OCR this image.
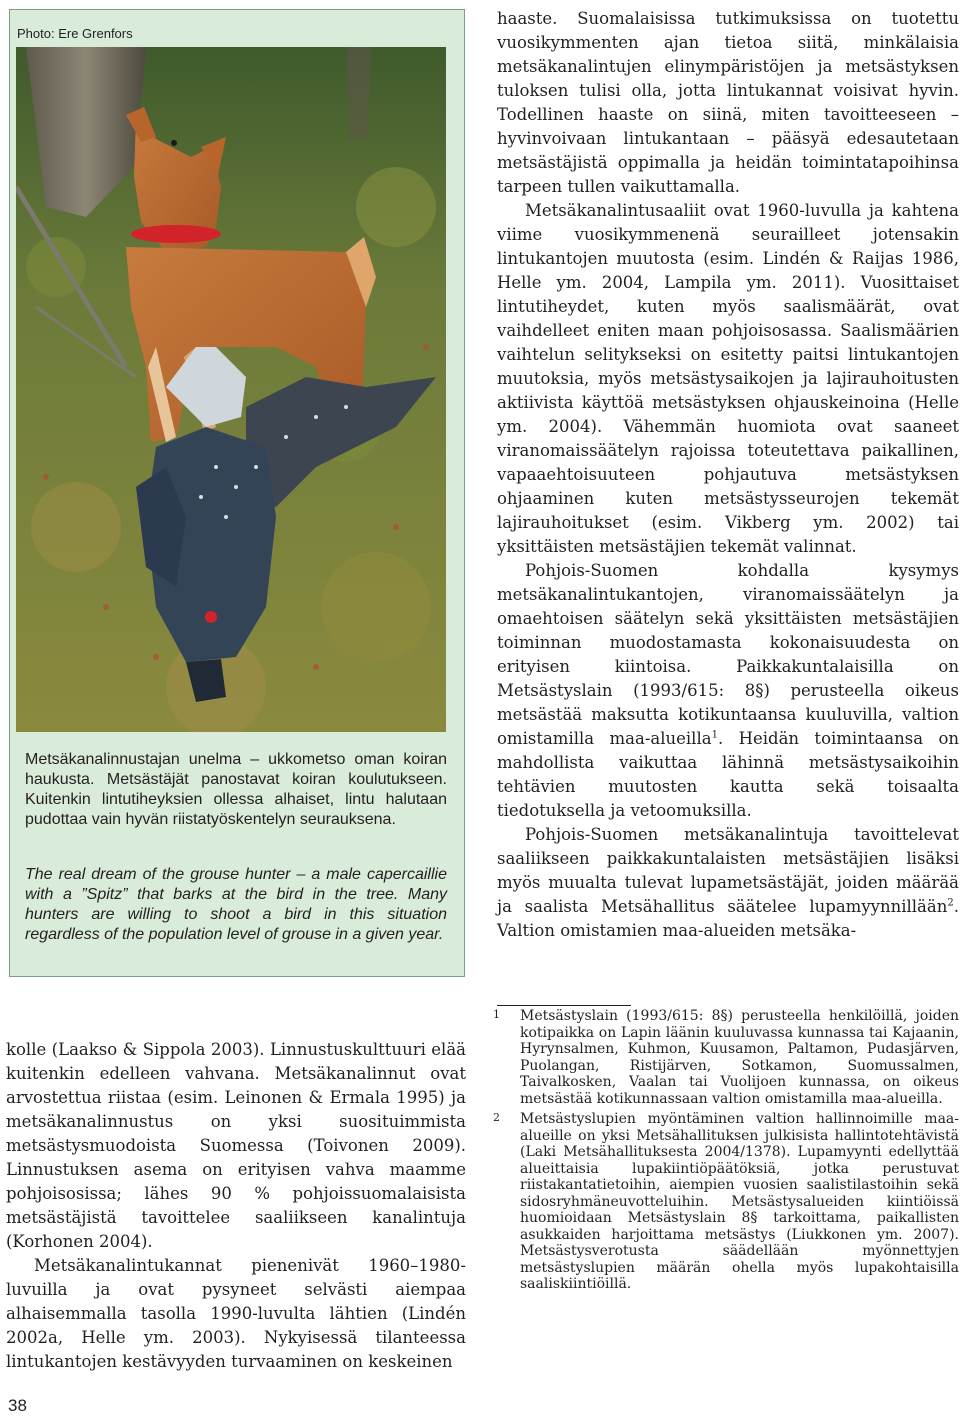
Photo: Ere Grenfors

Metsäkanalinnustajan unelma – ukkometso oman koiran haukusta. Metsästäjät panostavat koiran koulutukseen. Kuitenkin lintutiheyksien ollessa alhaiset, lintu halutaan pudottaa vain hyvän riistatyöskentelyn seurauksena.

The real dream of the grouse hunter – a male capercaillie with a ”Spitz” that barks at the bird in the tree. Many hunters are willing to shoot a bird in this situation regardless of the population level of grouse in a given year.

haaste. Suomalaisissa tutkimuksissa on tuotettu vuosikymmenten ajan tietoa siitä, minkälaisia metsäkanalintujen elinympäristöjen ja metsästyksen tuloksen tulisi olla, jotta lintukannat voisivat hyvin. Todellinen haaste on siinä, miten tavoitteeseen – hyvinvoivaan lintukantaan – pääsyä edesautetaan metsästäjistä oppimalla ja heidän toimintatapoihinsa tarpeen tullen vaikuttamalla.

Metsäkanalintusaaliit ovat 1960-luvulla ja kahtena viime vuosikymmenenä seurailleet jotensakin lintukantojen muutosta (esim. Lindén & Raijas 1986, Helle ym. 2004, Lampila ym. 2011). Vuosittaiset lintutiheydet, kuten myös saalismäärät, ovat vaihdelleet eniten maan pohjoisosassa. Saalismäärien vaihtelun selitykseksi on esitetty paitsi lintukantojen muutoksia, myös metsästysaikojen ja lajirauhoitusten aktiivista käyttöä metsästyksen ohjauskeinoina (Helle ym. 2004). Vähemmän huomiota ovat saaneet viranomaissäätelyn rajoissa toteutettava paikallinen, vapaaehtoisuuteen pohjautuva metsästyksen ohjaaminen kuten metsästysseurojen tekemät lajirauhoitukset (esim. Vikberg ym. 2002) tai yksittäisten metsästäjien tekemät valinnat.

Pohjois-Suomen kohdalla kysymys metsäkanalintukantojen, viranomaissäätelyn ja omaehtoisen säätelyn sekä yksittäisten metsästäjien toiminnan muodostamasta kokonaisuudesta on erityisen kiintoisa. Paikkakuntalaisilla on Metsästyslain (1993/615: 8§) perusteella oikeus metsästää maksutta kotikuntaansa kuuluvilla, valtion omistamilla maa-alueilla$^1$. Heidän toimintaansa on mahdollista vaikuttaa lähinnä metsästysaikoihin tehtävien muutosten kautta sekä toisaalta tiedotuksella ja vetoomuksilla.

Pohjois-Suomen metsäkanalintuja tavoittelevat saaliikseen paikkakuntalaisten metsästäjien lisäksi myös muualta tulevat lupametsästäjät, joiden määrää ja saalista Metsähallitus säätelee lupamyynnillään$^2$. Valtion omistamien maa-alueiden metsäka-

1	Metsästyslain (1993/615: 8§) perusteella henkilöillä, joiden kotipaikka on Lapin läänin kuuluvassa kunnassa tai Kajaanin, Hyrynsalmen, Kuhmon, Kuusamon, Paltamon, Pudasjärven, Puolangan, Ristijärven, Sotkamon, Suomussalmen, Taivalkosken, Vaalan tai Vuolijoen kunnassa, on oikeus metsästää kotikunnassaan valtion omistamilla maa-alueilla.
2	Metsästyslupien myöntäminen valtion hallinnoimille maa-alueille on yksi Metsähallituksen julkisista hallintotehtävistä (Laki Metsähallituksesta 2004/1378). Lupamyynti edellyttää alueittaisia lupakiintiöpäätöksiä, jotka perustuvat riistakantatietoihin, aiempien vuosien saalistilastoihin sekä sidosryhmäneuvotteluihin. Metsästysalueiden kiintiöissä huomioidaan Metsästyslain 8§ tarkoittama, paikallisten asukkaiden harjoittama metsästys (Liukkonen ym. 2007). Metsästysverotusta säädellään myönnettyjen metsästyslupien määrän ohella myös lupakohtaisilla saaliskiintiöillä.

kolle (Laakso & Sippola 2003). Linnustuskulttuuri elää kuitenkin edelleen vahvana. Metsäkanalinnut ovat arvostettua riistaa (esim. Leinonen & Ermala 1995) ja metsäkanalinnustus on yksi suosituimmista metsästysmuodoista Suomessa (Toivonen 2009). Linnustuksen asema on erityisen vahva maamme pohjoisosissa; lähes 90 % pohjoissuomalaisista metsästäjistä tavoittelee saaliikseen kanalintuja (Korhonen 2004).

Metsäkanalintukannat pienenivät 1960–1980-luvuilla ja ovat pysyneet selvästi aiempaa alhaisemmalla tasolla 1990-luvulta lähtien (Lindén 2002a, Helle ym. 2003). Nykyisessä tilanteessa lintukantojen kestävyyden turvaaminen on keskeinen

38
